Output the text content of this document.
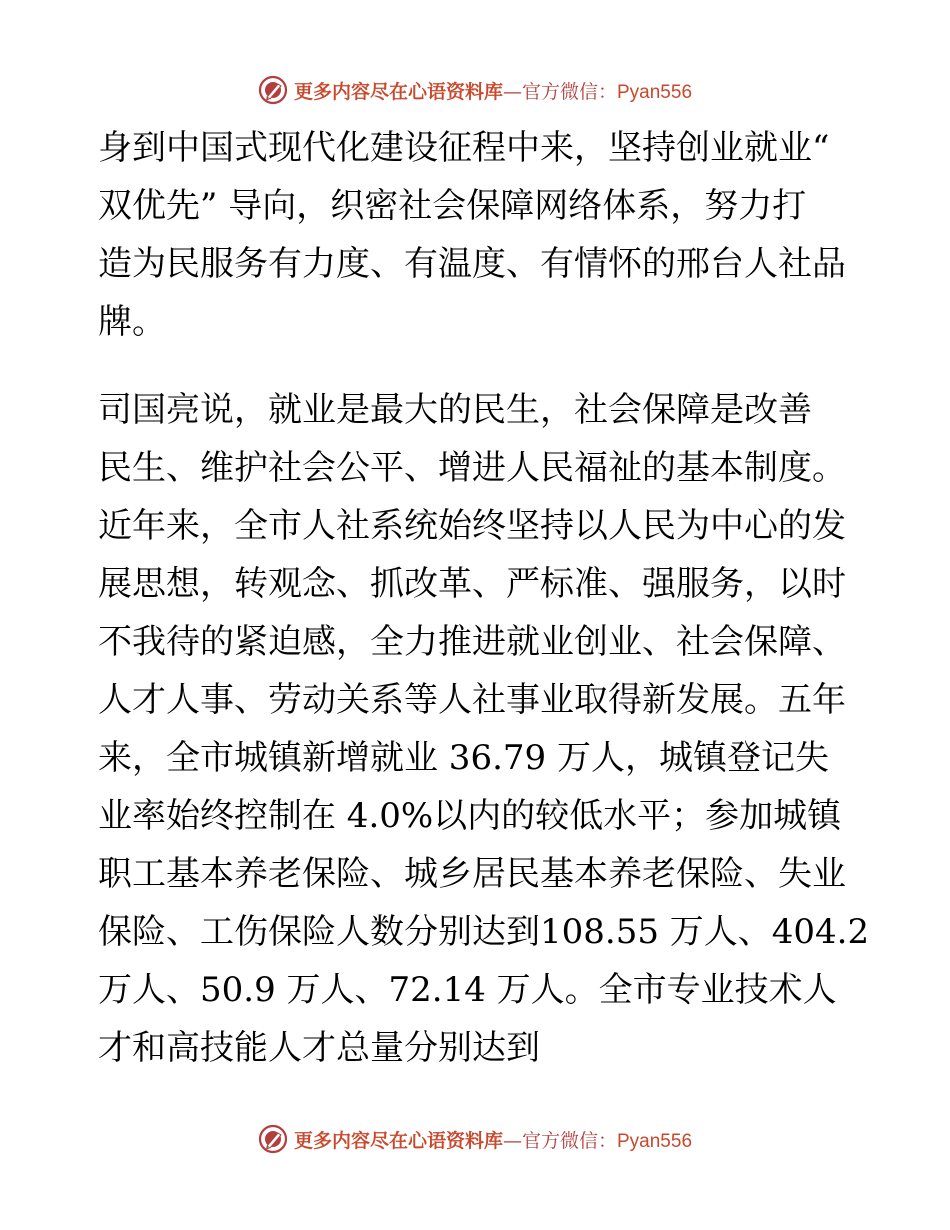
更多内容尽在心语资料库—官方微信：Pyan556
身到中国式现代化建设征程中来，坚持创业就业“
双优先” 导向，织密社会保障网络体系，努力打
造为民服务有力度、有温度、有情怀的邢台人社品
牌。
司国亮说，就业是最大的民生，社会保障是改善
民生、维护社会公平、增进人民福祉的基本制度。
近年来，全市人社系统始终坚持以人民为中心的发
展思想，转观念、抓改革、严标准、强服务，以时
不我待的紧迫感，全力推进就业创业、社会保障、
人才人事、劳动关系等人社事业取得新发展。五年
来，全市城镇新增就业 36.79 万人，城镇登记失
业率始终控制在 4.0%以内的较低水平；参加城镇
职工基本养老保险、城乡居民基本养老保险、失业
保险、工伤保险人数分别达到108.55 万人、404.2
万人、50.9 万人、72.14 万人。全市专业技术人
才和高技能人才总量分别达到
更多内容尽在心语资料库—官方微信：Pyan556
